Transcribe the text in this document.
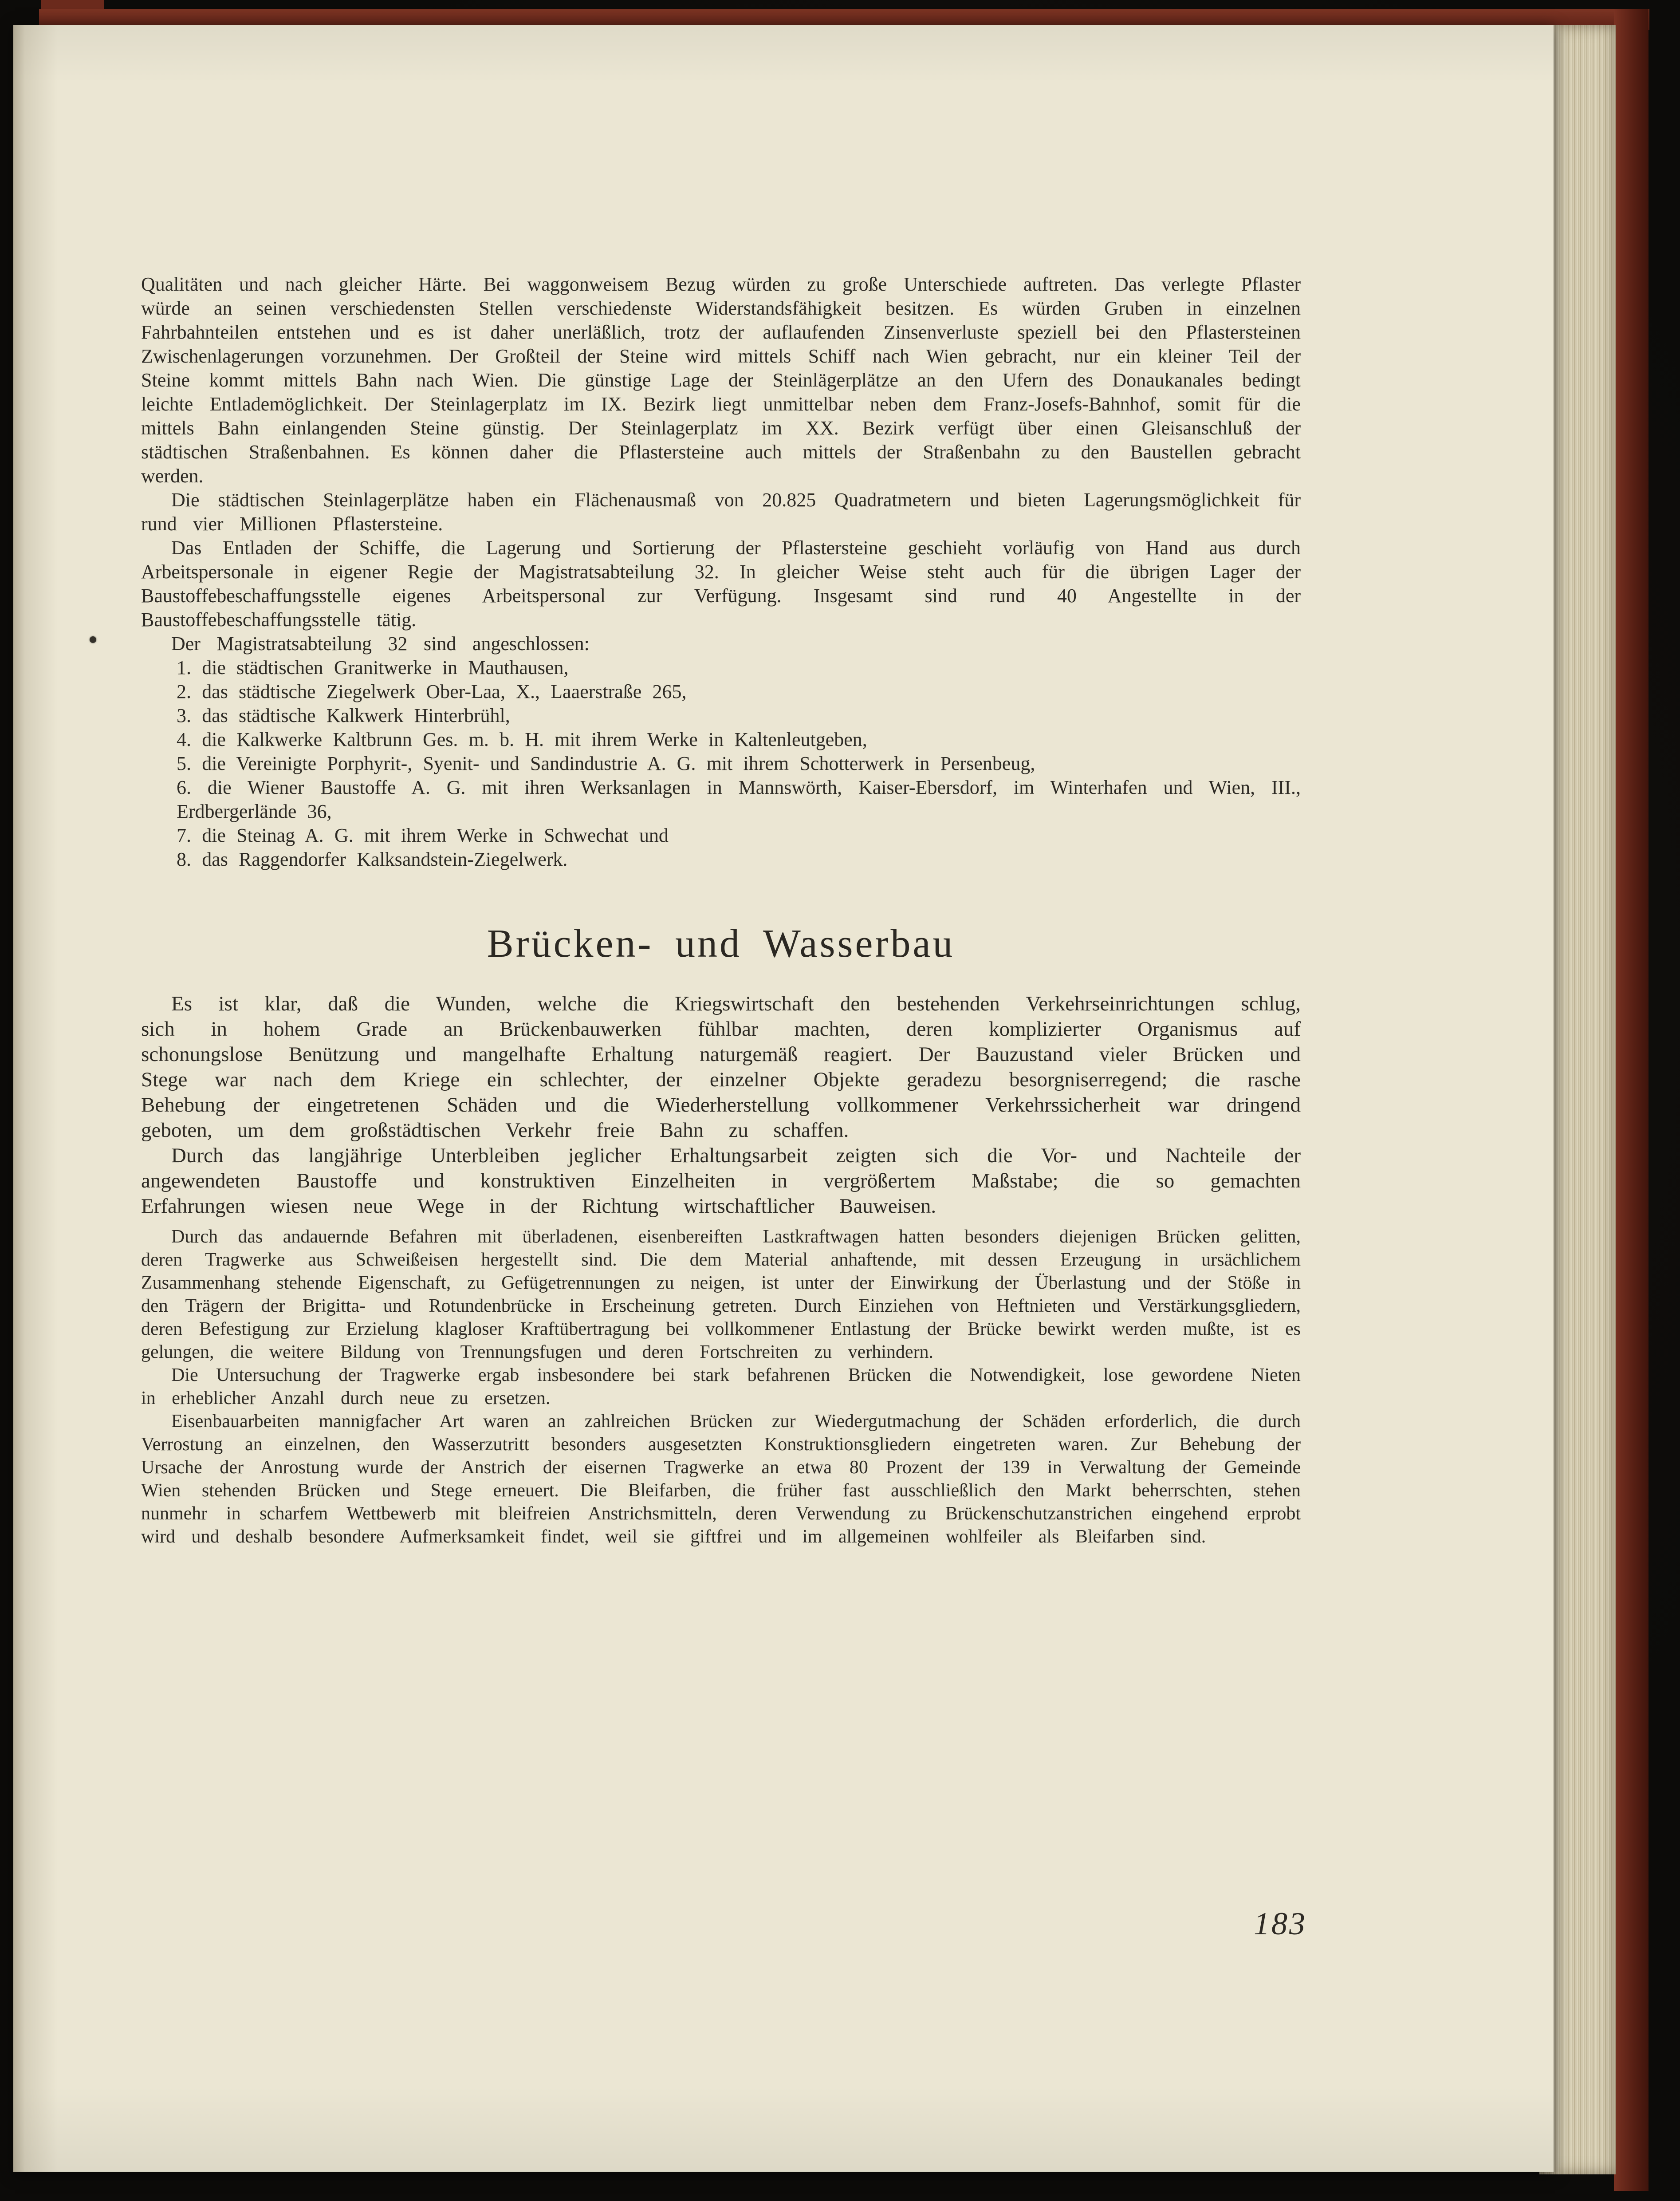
Qualitäten und nach gleicher Härte. Bei waggonweisem Bezug würden zu große Unterschiede auftreten. Das verlegte Pflaster würde an seinen verschiedensten Stellen verschiedenste Widerstandsfähigkeit besitzen. Es würden Gruben in einzelnen Fahrbahnteilen entstehen und es ist daher unerläßlich, trotz der auflaufenden Zinsenverluste speziell bei den Pflastersteinen Zwischenlagerungen vorzunehmen. Der Großteil der Steine wird mittels Schiff nach Wien gebracht, nur ein kleiner Teil der Steine kommt mittels Bahn nach Wien. Die günstige Lage der Steinlägerplätze an den Ufern des Donaukanales bedingt leichte Entlademöglichkeit. Der Steinlagerplatz im IX. Bezirk liegt unmittelbar neben dem Franz-Josefs-Bahnhof, somit für die mittels Bahn einlangenden Steine günstig. Der Steinlagerplatz im XX. Bezirk verfügt über einen Gleisanschluß der städtischen Straßenbahnen. Es können daher die Pflastersteine auch mittels der Straßenbahn zu den Baustellen gebracht werden.

Die städtischen Steinlagerplätze haben ein Flächenausmaß von 20.825 Quadratmetern und bieten Lagerungsmöglichkeit für rund vier Millionen Pflastersteine.

Das Entladen der Schiffe, die Lagerung und Sortierung der Pflastersteine geschieht vorläufig von Hand aus durch Arbeitspersonale in eigener Regie der Magistratsabteilung 32. In gleicher Weise steht auch für die übrigen Lager der Baustoffebeschaffungsstelle eigenes Arbeitspersonal zur Verfügung. Insgesamt sind rund 40 Angestellte in der Baustoffebeschaffungsstelle tätig.

Der Magistratsabteilung 32 sind angeschlossen:

1. die städtischen Granitwerke in Mauthausen,

2. das städtische Ziegelwerk Ober-Laa, X., Laaerstraße 265,

3. das städtische Kalkwerk Hinterbrühl,

4. die Kalkwerke Kaltbrunn Ges. m. b. H. mit ihrem Werke in Kaltenleutgeben,

5. die Vereinigte Porphyrit-, Syenit- und Sandindustrie A. G. mit ihrem Schotterwerk in Persenbeug,

6. die Wiener Baustoffe A. G. mit ihren Werksanlagen in Mannswörth, Kaiser-Ebersdorf, im Winterhafen und Wien, III., Erdbergerlände 36,

7. die Steinag A. G. mit ihrem Werke in Schwechat und

8. das Raggendorfer Kalksandstein-Ziegelwerk.

Brücken- und Wasserbau

Es ist klar, daß die Wunden, welche die Kriegswirtschaft den bestehenden Verkehrseinrichtungen schlug, sich in hohem Grade an Brückenbauwerken fühlbar machten, deren komplizierter Organismus auf schonungslose Benützung und mangelhafte Erhaltung naturgemäß reagiert. Der Bauzustand vieler Brücken und Stege war nach dem Kriege ein schlechter, der einzelner Objekte geradezu besorgniserregend; die rasche Behebung der eingetretenen Schäden und die Wiederherstellung vollkommener Verkehrssicherheit war dringend geboten, um dem großstädtischen Verkehr freie Bahn zu schaffen.

Durch das langjährige Unterbleiben jeglicher Erhaltungsarbeit zeigten sich die Vor- und Nachteile der angewendeten Baustoffe und konstruktiven Einzelheiten in vergrößertem Maßstabe; die so gemachten Erfahrungen wiesen neue Wege in der Richtung wirtschaftlicher Bauweisen.

Durch das andauernde Befahren mit überladenen, eisenbereiften Lastkraftwagen hatten besonders diejenigen Brücken gelitten, deren Tragwerke aus Schweißeisen hergestellt sind. Die dem Material anhaftende, mit dessen Erzeugung in ursächlichem Zusammenhang stehende Eigenschaft, zu Gefügetrennungen zu neigen, ist unter der Einwirkung der Überlastung und der Stöße in den Trägern der Brigitta- und Rotundenbrücke in Erscheinung getreten. Durch Einziehen von Heftnieten und Verstärkungsgliedern, deren Befestigung zur Erzielung klagloser Kraftübertragung bei vollkommener Entlastung der Brücke bewirkt werden mußte, ist es gelungen, die weitere Bildung von Trennungsfugen und deren Fortschreiten zu verhindern.

Die Untersuchung der Tragwerke ergab insbesondere bei stark befahrenen Brücken die Notwendigkeit, lose gewordene Nieten in erheblicher Anzahl durch neue zu ersetzen.

Eisenbauarbeiten mannigfacher Art waren an zahlreichen Brücken zur Wiedergutmachung der Schäden erforderlich, die durch Verrostung an einzelnen, den Wasserzutritt besonders ausgesetzten Konstruktionsgliedern eingetreten waren. Zur Behebung der Ursache der Anrostung wurde der Anstrich der eisernen Tragwerke an etwa 80 Prozent der 139 in Verwaltung der Gemeinde Wien stehenden Brücken und Stege erneuert. Die Bleifarben, die früher fast ausschließlich den Markt beherrschten, stehen nunmehr in scharfem Wettbewerb mit bleifreien Anstrichsmitteln, deren Verwendung zu Brückenschutzanstrichen eingehend erprobt wird und deshalb besondere Aufmerksamkeit findet, weil sie giftfrei und im allgemeinen wohlfeiler als Bleifarben sind.

183
